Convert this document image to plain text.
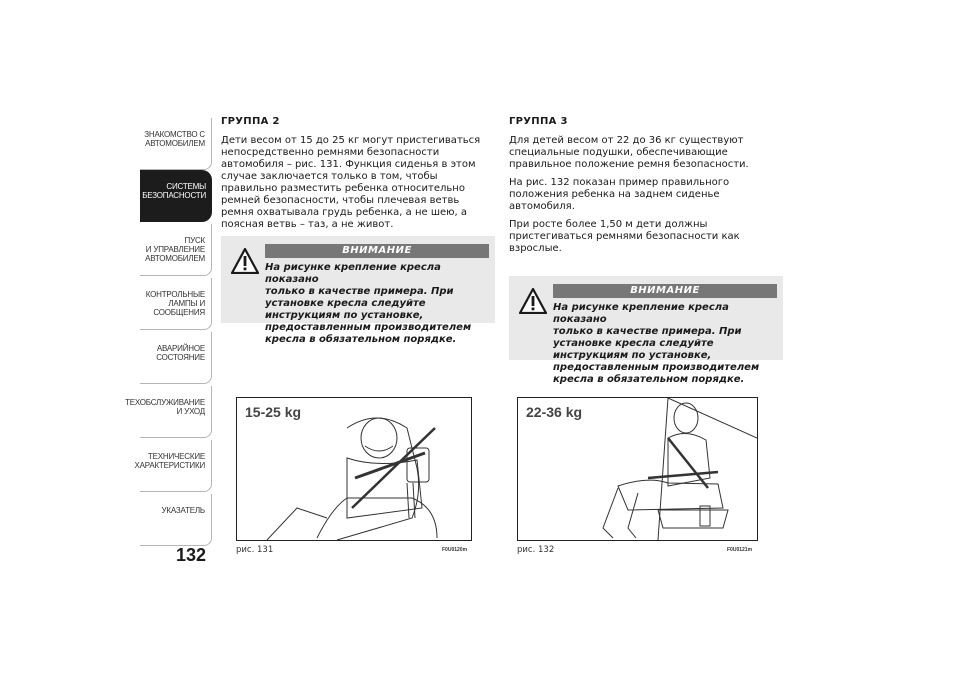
ЗНАКОМСТВО С
АВТОМОБИЛЕМ
СИСТЕМЫ
БЕЗОПАСНОСТИ
ПУСК
И УПРАВЛЕНИЕ
АВТОМОБИЛЕМ
КОНТРОЛЬНЫЕ
ЛАМПЫ И
СООБЩЕНИЯ
АВАРИЙНОЕ
СОСТОЯНИЕ
ТЕХОБСЛУЖИВАНИЕ
И УХОД
ТЕХНИЧЕСКИЕ
ХАРАКТЕРИСТИКИ
УКАЗАТЕЛЬ
132
ГРУППА 2

Дети весом от 15 до 25 кг могут пристегиваться непосредственно ремнями безопасности автомобиля – рис. 131. Функция сиденья в этом случае заключается только в том, чтобы правильно разместить ребенка относительно ремней безопасности, чтобы плечевая ветвь ремня охватывала грудь ребенка, а не шею, а поясная ветвь – таз, а не живот.

ВНИМАНИЕ
На рисунке крепление кресла показано
только в качестве примера. При установке кресла следуйте инструкциям по установке, предоставленным производителем кресла в обязательном порядке.
15-25 kg
рис. 131	F0U0120m
ГРУППА 3

Для детей весом от 22 до 36 кг существуют специальные подушки, обеспечивающие правильное положение ремня безопасности.

На рис. 132 показан пример правильного положения ребенка на заднем сиденье автомобиля.

При росте более 1,50 м дети должны пристегиваться ремнями безопасности как взрослые.

ВНИМАНИЕ
На рисунке крепление кресла показано
только в качестве примера. При установке кресла следуйте инструкциям по установке, предоставленным производителем кресла в обязательном порядке.
22-36 kg
рис. 132	F0U0121m
